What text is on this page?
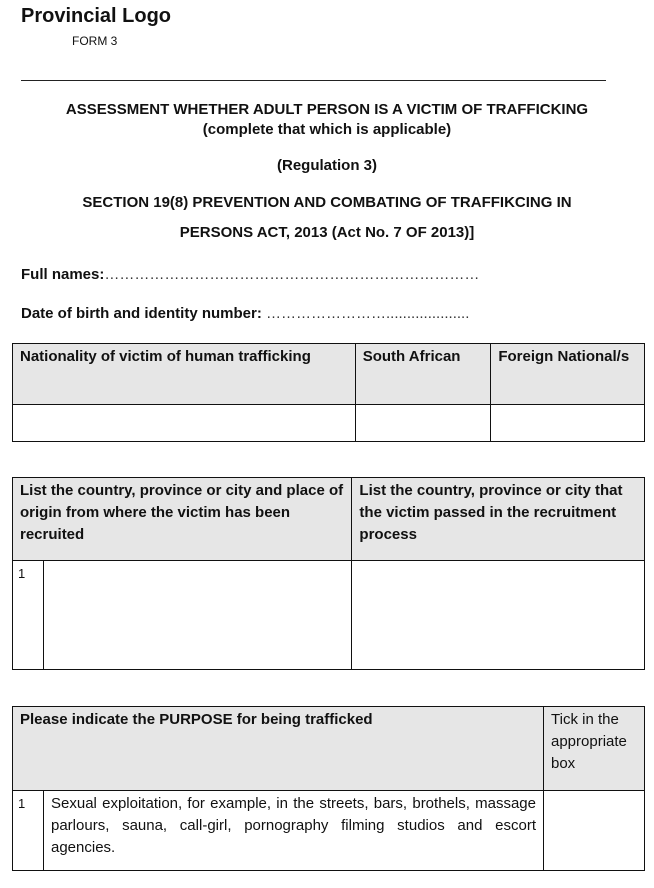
Provincial Logo
FORM 3
ASSESSMENT WHETHER ADULT PERSON IS A VICTIM OF TRAFFICKING
(complete that which is applicable)
(Regulation 3)
SECTION 19(8) PREVENTION AND COMBATING OF TRAFFIKCING IN
PERSONS ACT, 2013 (Act No. 7 OF 2013)]
Full names:…………………………………………………………………
Date of birth and identity number: ……………………....................
Nationality of victim of human trafficking	South African	Foreign National/s

List the country, province or city and place of origin from where the victim has been recruited		List the country, province or city that the victim passed in the recruitment process
1		
Please indicate the PURPOSE for being trafficked		Tick in the appropriate box
1	Sexual exploitation, for example, in the streets, bars, brothels, massage parlours, sauna, call-girl, pornography filming studios and escort agencies.	
